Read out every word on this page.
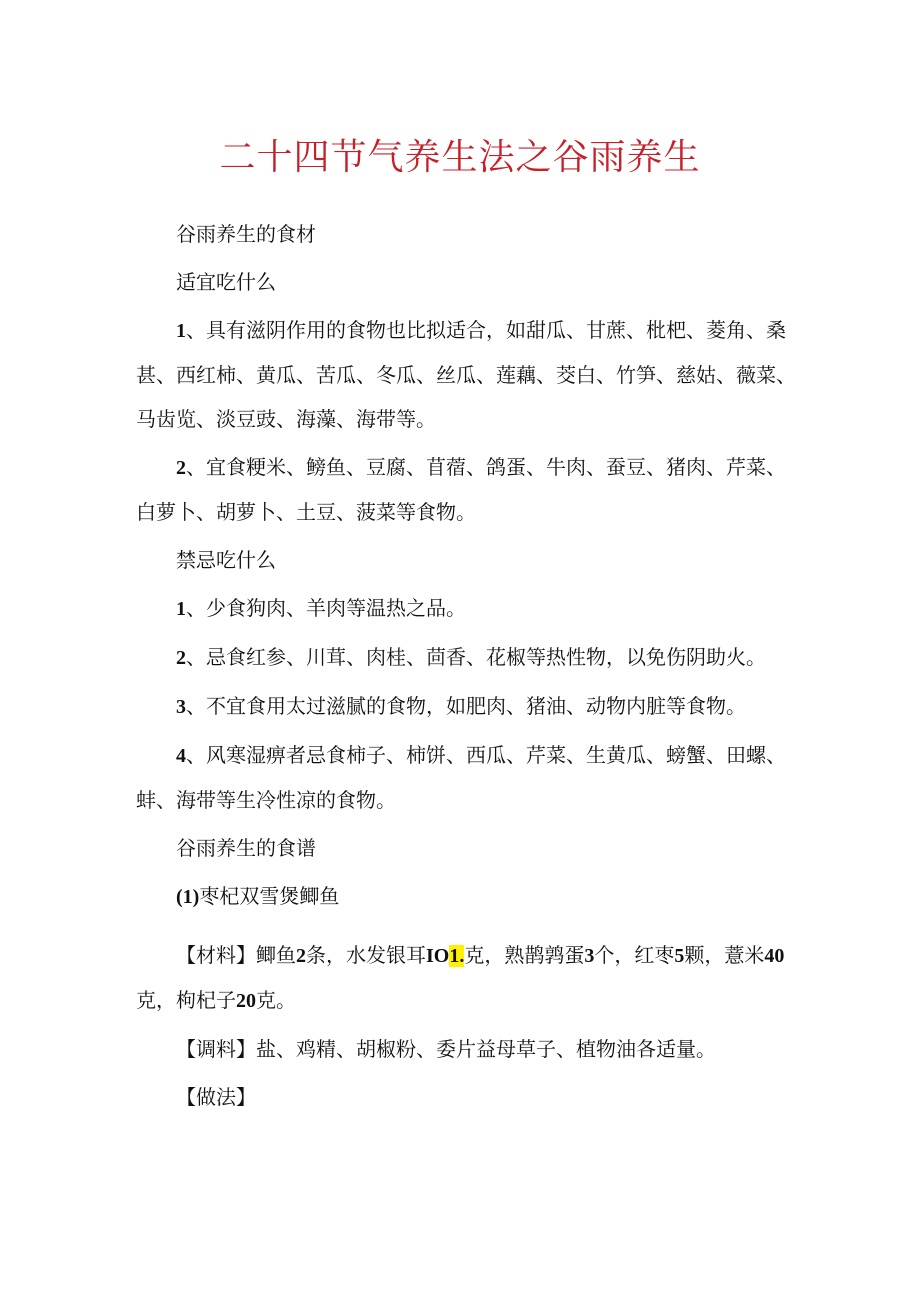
二十四节气养生法之谷雨养生

谷雨养生的食材

适宜吃什么

1、具有滋阴作用的食物也比拟适合，如甜瓜、甘蔗、枇杷、菱角、桑甚、西红柿、黄瓜、苦瓜、冬瓜、丝瓜、莲藕、茭白、竹笋、慈姑、薇菜、马齿览、淡豆豉、海藻、海带等。

2、宜食粳米、鳑鱼、豆腐、苜蓿、鸽蛋、牛肉、蚕豆、猪肉、芹菜、白萝卜、胡萝卜、土豆、菠菜等食物。

禁忌吃什么

1、少食狗肉、羊肉等温热之品。

2、忌食红参、川茸、肉桂、茴香、花椒等热性物，以免伤阴助火。

3、不宜食用太过滋腻的食物，如肥肉、猪油、动物内脏等食物。

4、风寒湿痹者忌食柿子、柿饼、西瓜、芹菜、生黄瓜、螃蟹、田螺、蚌、海带等生冷性凉的食物。

谷雨养生的食谱

(1)枣杞双雪煲鲫鱼

【材料】鲫鱼2条，水发银耳IO1.克，熟鹊鹑蛋3个，红枣5颗，薏米40克，枸杞子20克。

【调料】盐、鸡精、胡椒粉、委片益母草子、植物油各适量。

【做法】
